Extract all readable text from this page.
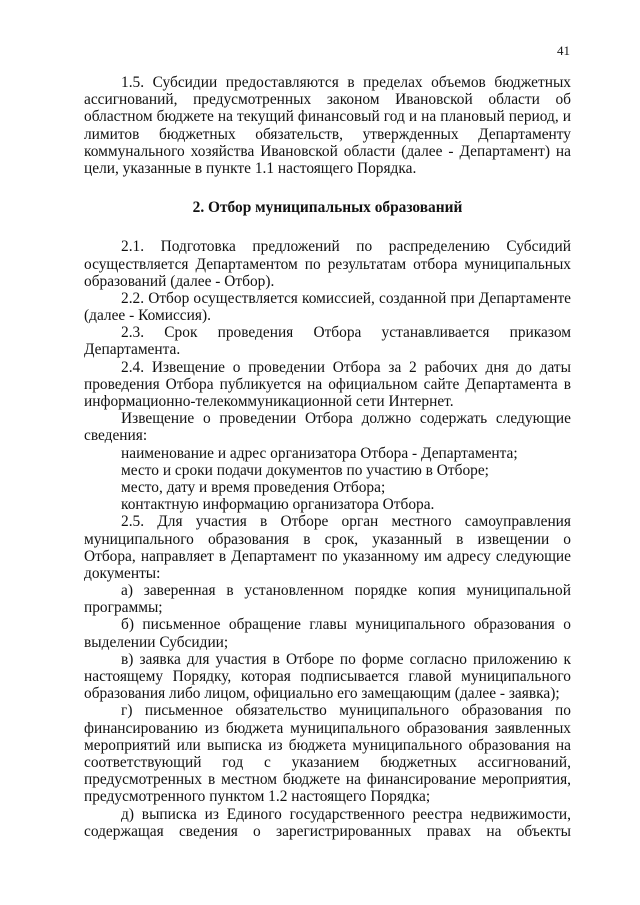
41
1.5. Субсидии предоставляются в пределах объемов бюджетных
ассигнований, предусмотренных законом Ивановской области об
областном бюджете на текущий финансовый год и на плановый период, и
лимитов бюджетных обязательств, утвержденных Департаменту
коммунального хозяйства Ивановской области (далее - Департамент) на
цели, указанные в пункте 1.1 настоящего Порядка.
2. Отбор муниципальных образований
2.1. Подготовка предложений по распределению Субсидий
осуществляется Департаментом по результатам отбора муниципальных
образований (далее - Отбор).
2.2. Отбор осуществляется комиссией, созданной при Департаменте
(далее - Комиссия).
2.3. Срок проведения Отбора устанавливается приказом
Департамента.
2.4. Извещение о проведении Отбора за 2 рабочих дня до даты
проведения Отбора публикуется на официальном сайте Департамента в
информационно-телекоммуникационной сети Интернет.
Извещение о проведении Отбора должно содержать следующие
сведения:
наименование и адрес организатора Отбора - Департамента;
место и сроки подачи документов по участию в Отборе;
место, дату и время проведения Отбора;
контактную информацию организатора Отбора.
2.5. Для участия в Отборе орган местного самоуправления
муниципального образования в срок, указанный в извещении о
Отбора, направляет в Департамент по указанному им адресу следующие
документы:
а) заверенная в установленном порядке копия муниципальной
программы;
б) письменное обращение главы муниципального образования о
выделении Субсидии;
в) заявка для участия в Отборе по форме согласно приложению к
настоящему Порядку, которая подписывается главой муниципального
образования либо лицом, официально его замещающим (далее - заявка);
г) письменное обязательство муниципального образования по
финансированию из бюджета муниципального образования заявленных
мероприятий или выписка из бюджета муниципального образования на
соответствующий год с указанием бюджетных ассигнований,
предусмотренных в местном бюджете на финансирование мероприятия,
предусмотренного пунктом 1.2 настоящего Порядка;
д) выписка из Единого государственного реестра недвижимости,
содержащая сведения о зарегистрированных правах на объекты
